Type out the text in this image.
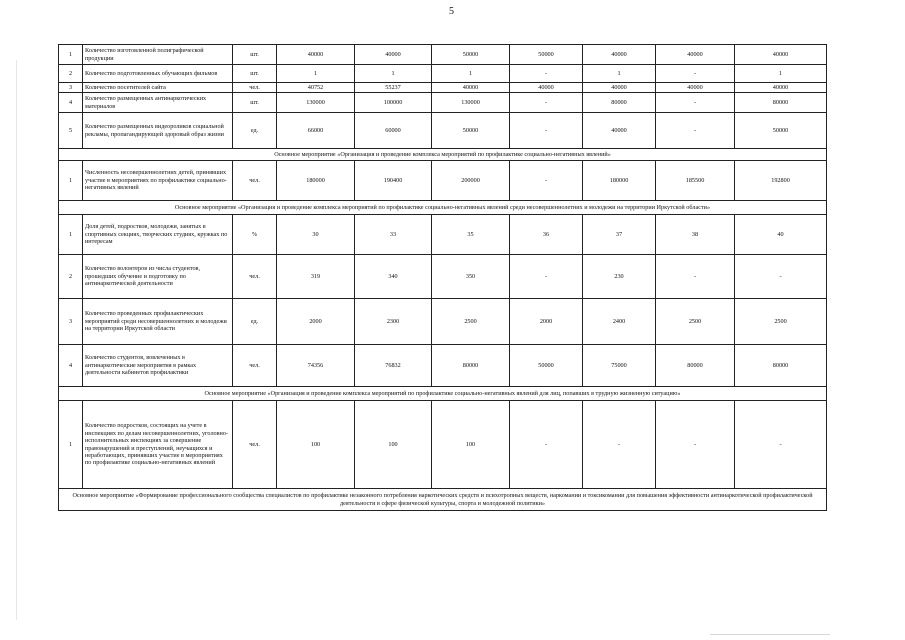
5
1	Количество изготовленной полиграфической продукции	шт.	40000	40000	50000	50000	40000	40000	40000
2	Количество подготовленных обучающих фильмов	шт.	1	1	1	-	1	-	1
3	Количество посетителей сайта	чел.	40752	55237	40000	40000	40000	40000	40000
4	Количество размещенных антинаркотических материалов	шт.	130000	100000	130000	-	80000	-	80000
5	Количество размещенных видеороликов социальной рекламы, пропагандирующей здоровый образ жизни	ед.	66000	60000	50000	-	40000	-	50000
Основное мероприятие «Организация и проведение комплекса мероприятий по профилактике социально-негативных явлений»									
1	Численность несовершеннолетних детей, принявших участие в мероприятиях по профилактике социально-негативных явлений	чел.	180000	190400	200000	-	180000	185500	192800
Основное мероприятие «Организация и проведение комплекса мероприятий по профилактике социально-негативных явлений среди несовершеннолетних и молодежи на территории Иркутской области»									
1	Доля детей, подростков, молодежи, занятых в спортивных секциях, творческих студиях, кружках по интересам	%	30	33	35	36	37	38	40
2	Количество волонтеров из числа студентов, прошедших обучение и подготовку по антинаркотической деятельности	чел.	319	340	350	-	230	-	-
3	Количество проведенных профилактических мероприятий среди несовершеннолетних и молодежи на территории Иркутской области	ед.	2000	2300	2500	2000	2400	2500	2500
4	Количество студентов, вовлеченных в антинаркотические мероприятия в рамках деятельности кабинетов профилактики	чел.	74356	76832	80000	50000	75000	80000	80000
Основное мероприятие «Организация и проведение комплекса мероприятий по профилактике социально-негативных явлений для лиц, попавших в трудную жизненную ситуацию»									
1	Количество подростков, состоящих на учете в инспекциях по делам несовершеннолетних, уголовно-исполнительных инспекциях за совершение правонарушений и преступлений, неучащихся и неработающих, принявших участие в мероприятиях по профилактике социально-негативных явлений	чел.	100	100	100	-	-	-	-
Основное мероприятие «Формирование профессионального сообщества специалистов по профилактике незаконного потребления наркотических средств и психотропных веществ, наркомании и токсикомании для повышения эффективности антинаркотической профилактической деятельности в сфере физической культуры, спорта и молодежной политики»									
